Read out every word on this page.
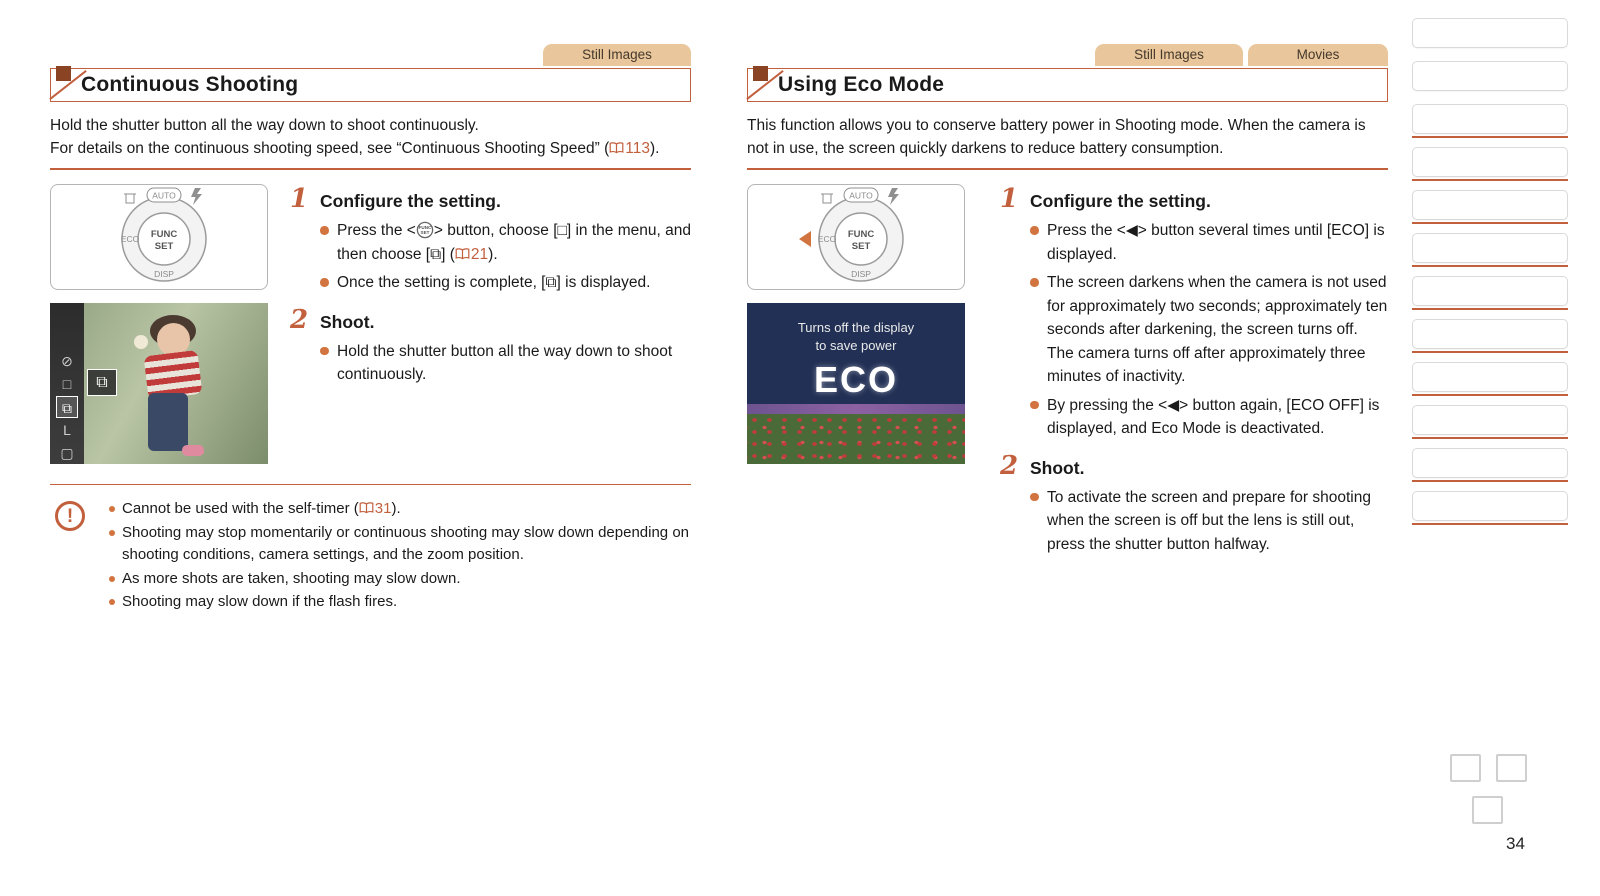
Still Images
Continuous Shooting

Hold the shutter button all the way down to shoot continuously.
For details on the continuous shooting speed, see “Continuous Shooting Speed” ( 113).

FUNC
SET
AUTO
ECO
DISP
⊘
□
⧉
L
▢
⧉
1 Configure the setting.
Press the < FUNC
SET > button, choose [□] in the menu, and then choose [⧉] ( 21).
Once the setting is complete, [⧉] is displayed.
2 Shoot.
Hold the shutter button all the way down to shoot continuously.
!	Cannot be used with the self-timer ( 31).
Shooting may stop momentarily or continuous shooting may slow down depending on shooting conditions, camera settings, and the zoom position.
As more shots are taken, shooting may slow down.
Shooting may slow down if the flash fires.
Still Images	Movies
Using Eco Mode

This function allows you to conserve battery power in Shooting mode. When the camera is not in use, the screen quickly darkens to reduce battery consumption.

FUNC
SET
AUTO
ECO
DISP
Turns off the display
to save power
ECO
1 Configure the setting.
Press the <◀> button several times until [ECO] is displayed.
The screen darkens when the camera is not used for approximately two seconds; approximately ten seconds after darkening, the screen turns off. The camera turns off after approximately three minutes of inactivity.
By pressing the <◀> button again, [ECO OFF] is displayed, and Eco Mode is deactivated.
2 Shoot.
To activate the screen and prepare for shooting when the screen is off but the lens is still out, press the shutter button halfway.
34
